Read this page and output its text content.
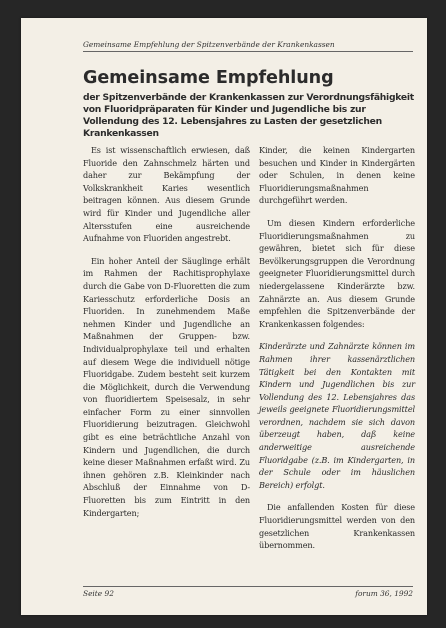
Gemeinsame Empfehlung der Spitzenverbände der Krankenkassen
Gemeinsame Empfehlung
der Spitzenverbände der Krankenkassen zur Verordnungsfähigkeit von Fluoridpräparaten für Kinder und Jugendliche bis zur Vollendung des 12. Lebensjahres zu Lasten der gesetzlichen Krankenkassen

Es ist wissenschaftlich erwiesen, daß Fluoride den Zahnschmelz härten und daher zur Bekämpfung der Volkskrankheit Karies wesentlich beitragen können. Aus diesem Grunde wird für Kinder und Jugendliche aller Altersstufen eine ausreichende Aufnahme von Fluoriden angestrebt.

Ein hoher Anteil der Säuglinge erhält im Rahmen der Rachitisprophylaxe durch die Gabe von D-Fluoretten die zum Kariesschutz erforderliche Dosis an Fluoriden. In zunehmendem Maße nehmen Kinder und Jugendliche an Maßnahmen der Gruppen- bzw. Individualprophylaxe teil und erhalten auf diesem Wege die individuell nötige Fluoridgabe. Zudem besteht seit kurzem die Möglichkeit, durch die Verwendung von fluoridiertem Speisesalz, in sehr einfacher Form zu einer sinnvollen Fluoridierung beizutragen. Gleichwohl gibt es eine beträchtliche Anzahl von Kindern und Jugendlichen, die durch keine dieser Maßnahmen erfaßt wird. Zu ihnen gehören z.B. Kleinkinder nach Abschluß der Einnahme von D-Fluoretten bis zum Eintritt in den Kindergarten;

Kinder, die keinen Kindergarten besuchen und Kinder in Kindergärten oder Schulen, in denen keine Fluoridierungsmaßnahmen durchgeführt werden.

Um diesen Kindern erforderliche Fluoridierungsmaßnahmen zu gewähren, bietet sich für diese Bevölkerungsgruppen die Verordnung geeigneter Fluoridierungsmittel durch niedergelassene Kinderärzte bzw. Zahnärzte an. Aus diesem Grunde empfehlen die Spitzenverbände der Krankenkassen folgendes:

Kinderärzte und Zahnärzte können im Rahmen ihrer kassenärztlichen Tätigkeit bei den Kontakten mit Kindern und Jugendlichen bis zur Vollendung des 12. Lebensjahres das jeweils geeignete Fluoridierungsmittel verordnen, nachdem sie sich davon überzeugt haben, daß keine anderweitige ausreichende Fluoridgabe (z.B. im Kindergarten, in der Schule oder im häuslichen Bereich) erfolgt.

Die anfallenden Kosten für diese Fluoridierungsmittel werden von den gesetzlichen Krankenkassen übernommen.

Seite 92	forum 36, 1992
